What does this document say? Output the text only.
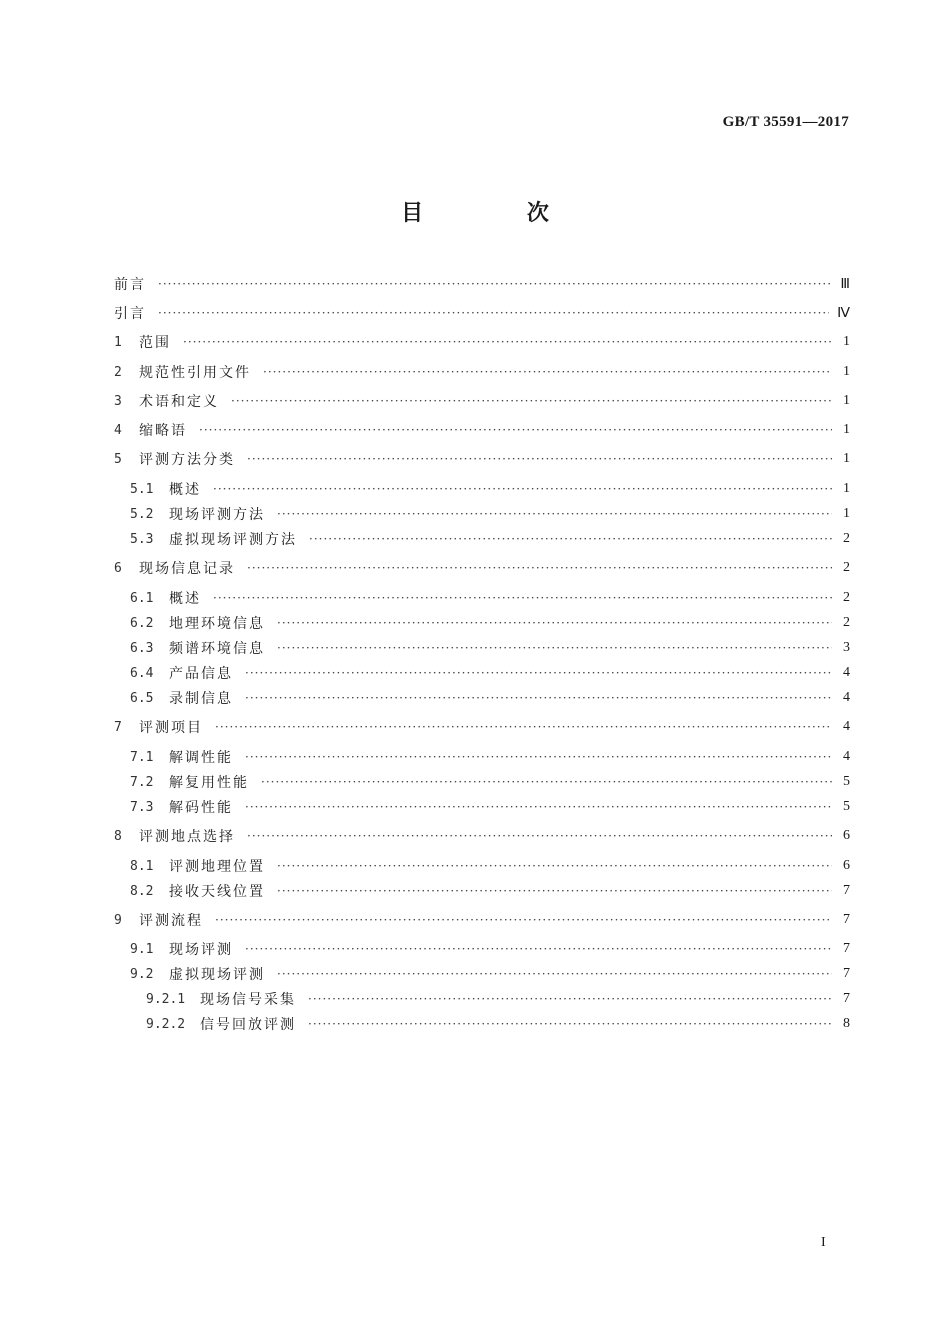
GB/T 35591—2017
目 次
前言 ·····	Ⅲ
引言 ·····	Ⅳ
1	范围 ·····	1
2	规范性引用文件 ·····	1
3	术语和定义 ·····	1
4	缩略语 ·····	1
5	评测方法分类 ·····	1
5.1	概述 ·····	1
5.2	现场评测方法 ·····	1
5.3	虚拟现场评测方法 ·····	2
6	现场信息记录 ·····	2
6.1	概述 ·····	2
6.2	地理环境信息 ·····	2
6.3	频谱环境信息 ·····	3
6.4	产品信息 ·····	4
6.5	录制信息 ·····	4
7	评测项目 ·····	4
7.1	解调性能 ·····	4
7.2	解复用性能 ·····	5
7.3	解码性能 ·····	5
8	评测地点选择 ·····	6
8.1	评测地理位置 ·····	6
8.2	接收天线位置 ·····	7
9	评测流程 ·····	7
9.1	现场评测 ·····	7
9.2	虚拟现场评测 ·····	7
9.2.1	现场信号采集 ·····	7
9.2.2	信号回放评测 ·····	8
I
